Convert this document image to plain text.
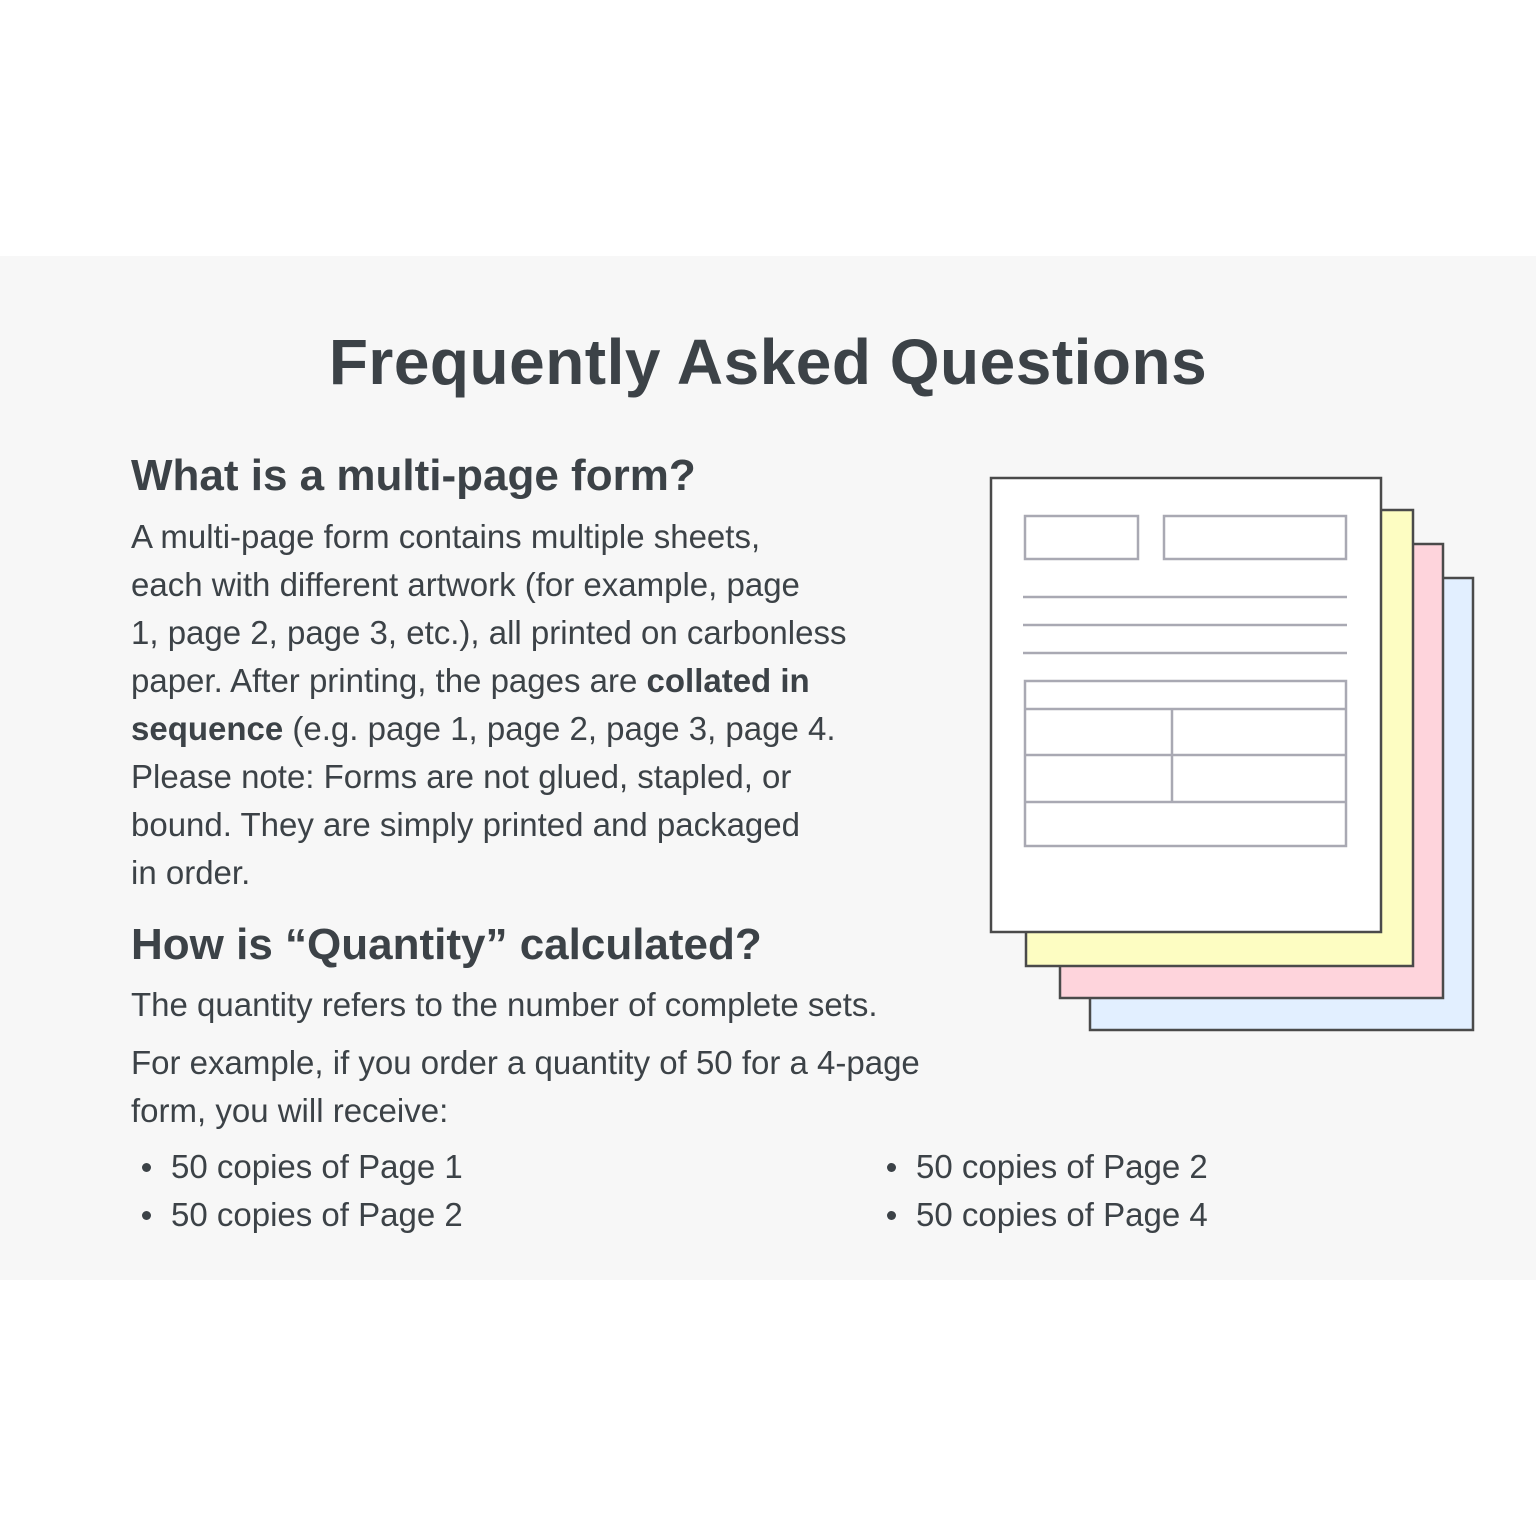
Frequently Asked Questions
What is a multi-page form?

A multi-page form contains multiple sheets,
each with different artwork (for example, page
1, page 2, page 3, etc.), all printed on carbonless
paper. After printing, the pages are collated in
sequence (e.g. page 1, page 2, page 3, page 4.
Please note: Forms are not glued, stapled, or
bound. They are simply printed and packaged
in order.

How is “Quantity” calculated?

The quantity refers to the number of complete sets.

For example, if you order a quantity of 50 for a 4-page
form, you will receive:

50 copies of Page 1
50 copies of Page 2
50 copies of Page 2
50 copies of Page 4
